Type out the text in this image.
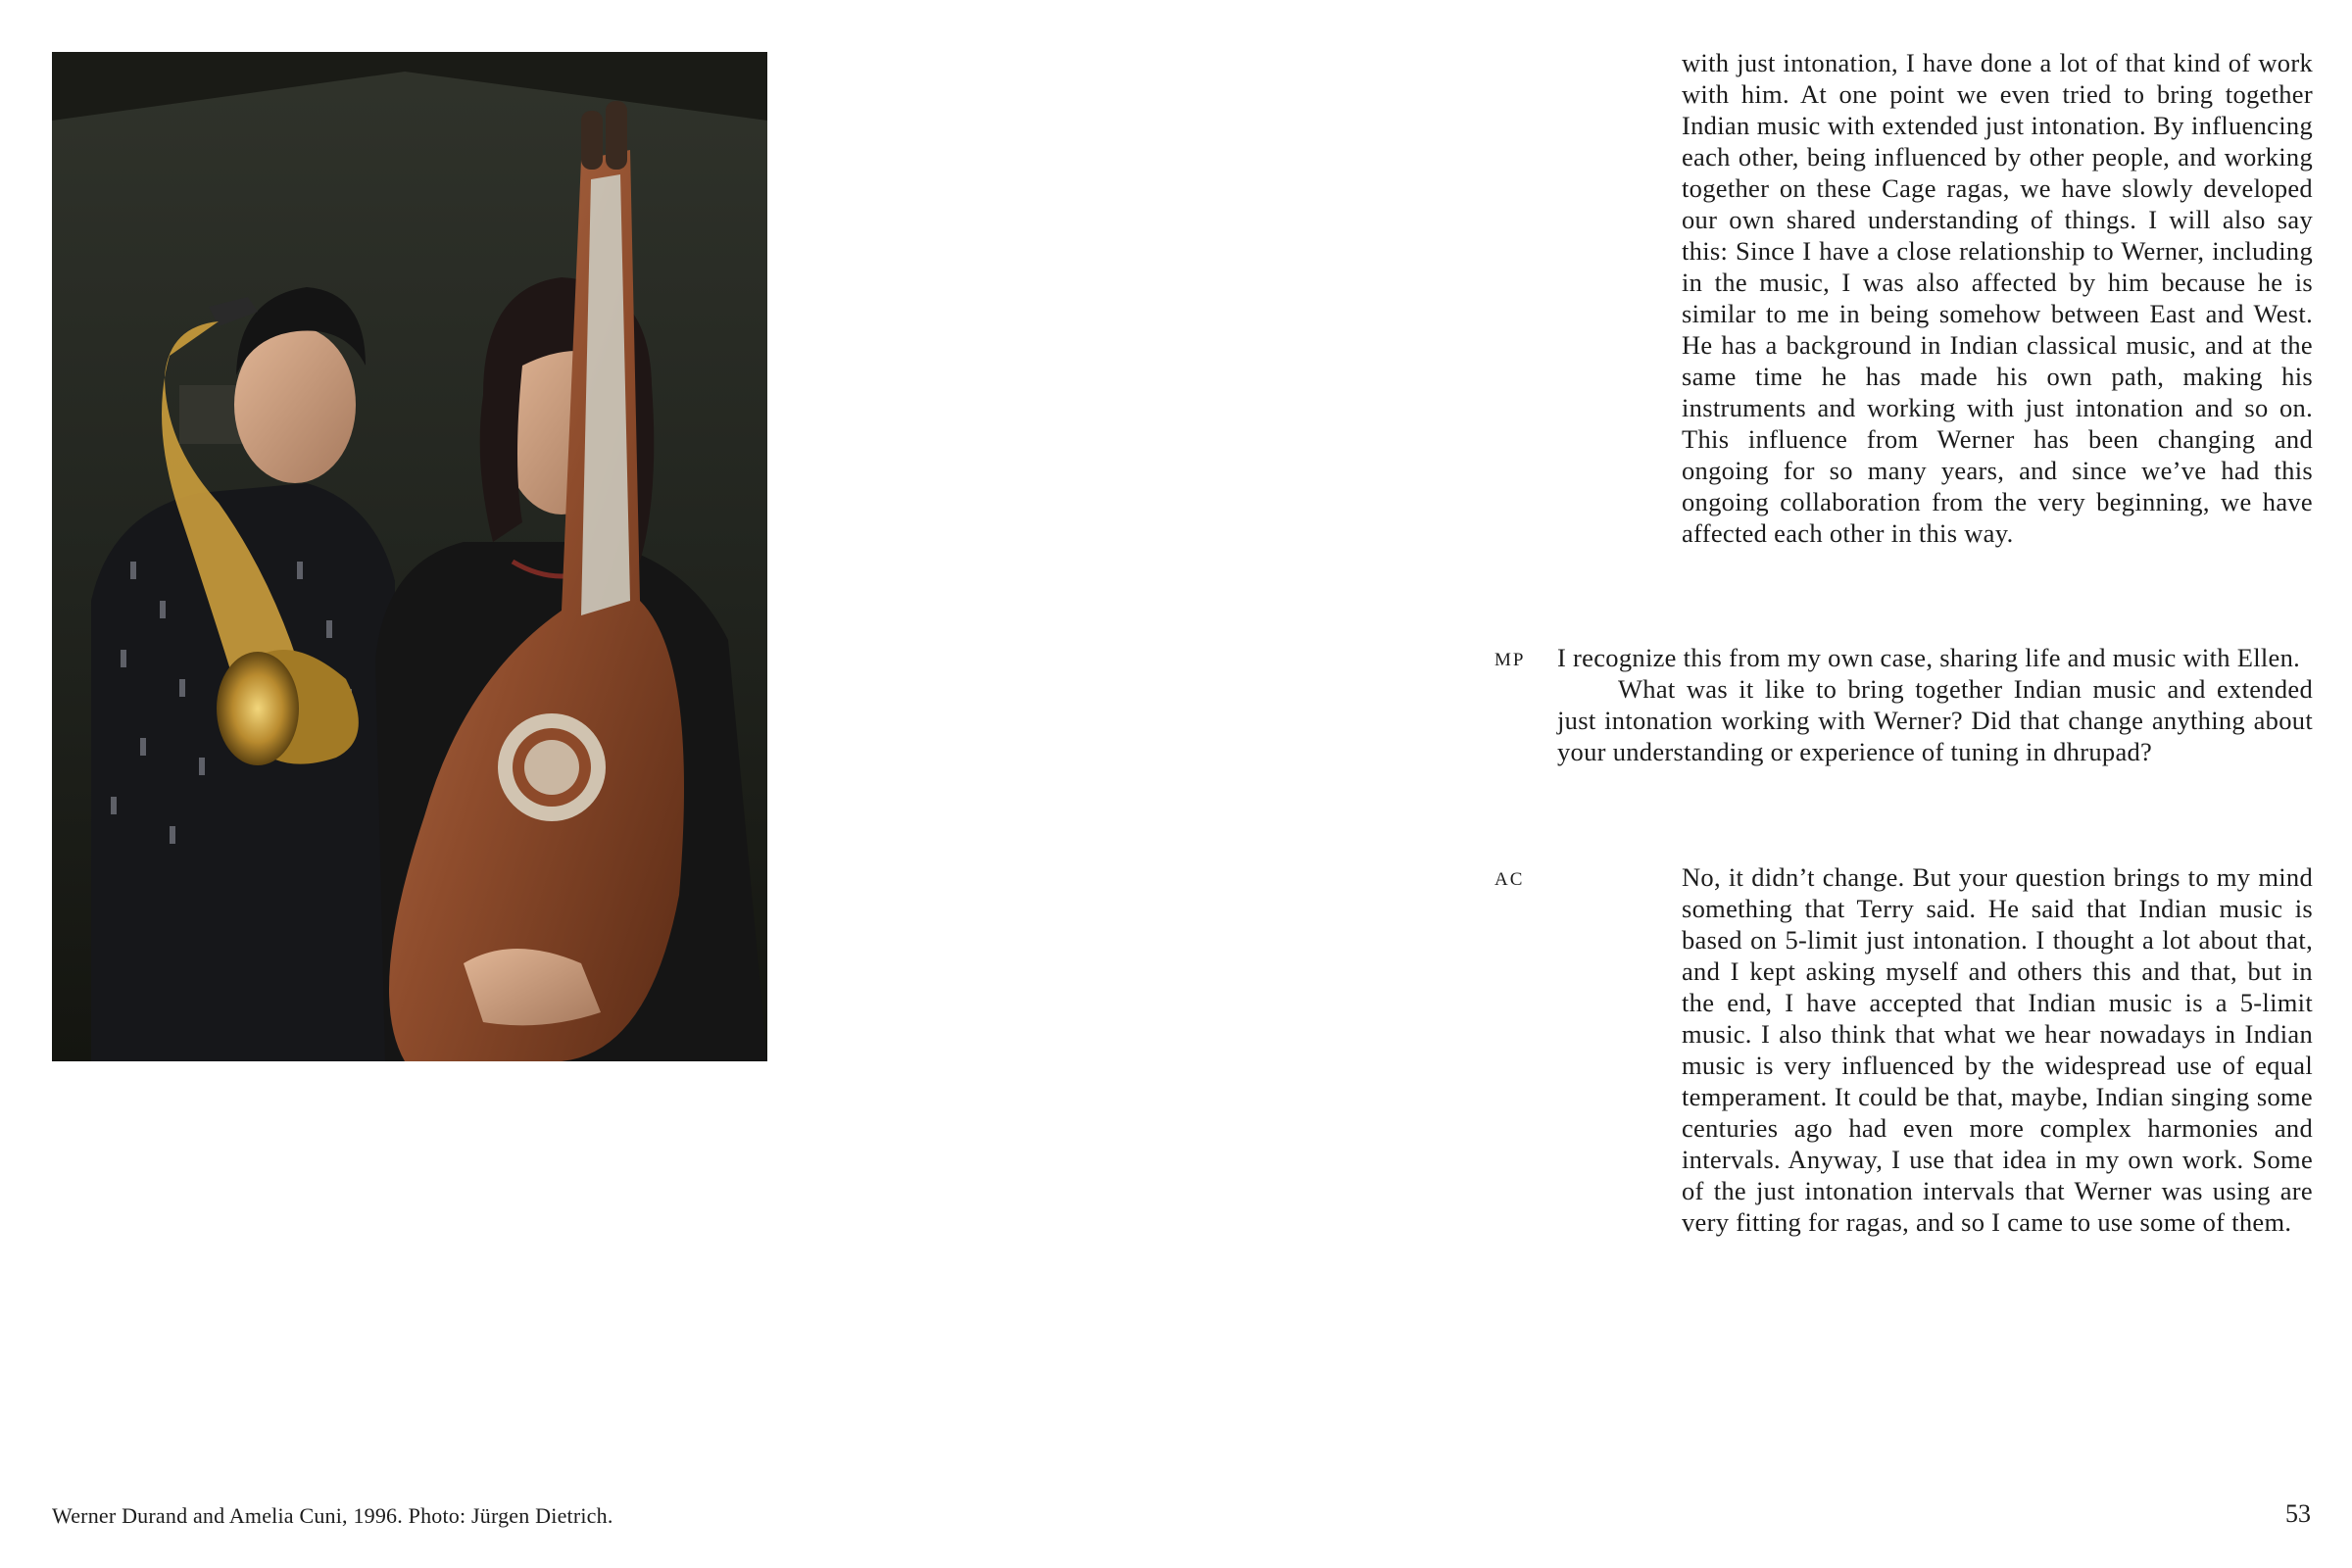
Werner Durand and Amelia Cuni, 1996. Photo: Jürgen Dietrich.

with just intonation, I have done a lot of that kind of work with him. At one point we even tried to bring together Indian music with extended just intonation. By influencing each other, being influenced by other people, and working together on these Cage ragas, we have slowly developed our own shared understanding of things. I will also say this: Since I have a close relationship to Werner, including in the music, I was also affected by him because he is similar to me in being somehow between East and West. He has a background in Indian classical music, and at the same time he has made his own path, making his instruments and working with just intonation and so on. This influence from Werner has been changing and ongoing for so many years, and since we’ve had this ongoing collaboration from the very beginning, we have affected each other in this way.

MP I recognize this from my own case, sharing life and music with Ellen.

What was it like to bring together Indian music and extended just intonation working with Werner? Did that change anything about your understanding or experience of tuning in dhrupad?

AC	No, it didn’t change. But your question brings to my mind something that Terry said. He said that Indian music is based on 5-limit just intonation. I thought a lot about that, and I kept asking myself and others this and that, but in the end, I have accepted that Indian music is a 5-limit music. I also think that what we hear nowadays in Indian music is very influenced by the widespread use of equal temperament. It could be that, maybe, Indian singing some centuries ago had even more complex harmonies and intervals. Anyway, I use that idea in my own work. Some of the just intonation intervals that Werner was using are very fitting for ragas, and so I came to use some of them.

53
